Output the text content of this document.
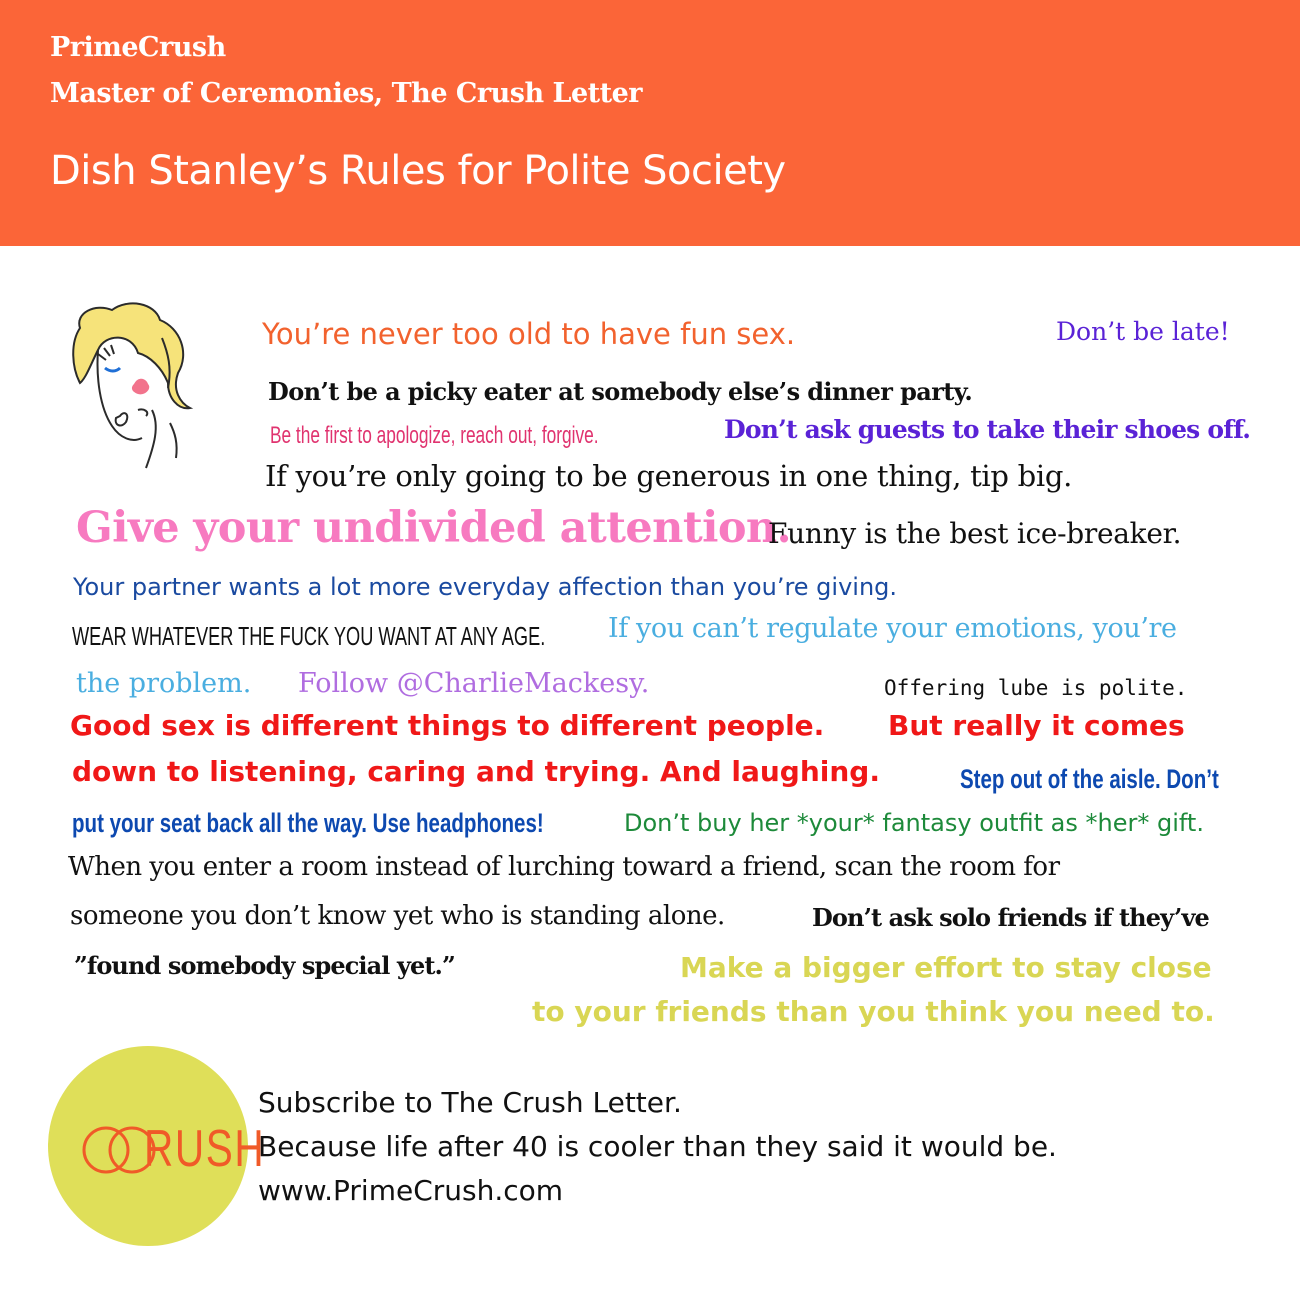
PrimeCrush
Master of Ceremonies, The Crush Letter
Dish Stanley’s Rules for Polite Society
You’re never too old to have fun sex.	Don’t be late!
Don’t be a picky eater at somebody else’s dinner party.
Be the first to apologize, reach out, forgive.	Don’t ask guests to take their shoes off.
If you’re only going to be generous in one thing, tip big.
Give your undivided attention.
Funny is the best ice-breaker.
Your partner wants a lot more everyday affection than you’re giving.
WEAR WHATEVER THE FUCK YOU WANT AT ANY AGE. If you can’t regulate your emotions, you’re
the problem. Follow @CharlieMackesy.	Offering lube is polite.
Good sex is different things to different people. But really it comes
down to listening, caring and trying. And laughing.	Step out of the aisle. Don’t
put your seat back all the way. Use headphones!	Don’t buy her *your* fantasy outfit as *her* gift.
When you enter a room instead of lurching toward a friend, scan the room for
someone you don’t know yet who is standing alone.	Don’t ask solo friends if they’ve
”found somebody special yet.”	Make a bigger effort to stay close
to your friends than you think you need to.
RUSH
Subscribe to The Crush Letter.
Because life after 40 is cooler than they said it would be.
www.PrimeCrush.com
